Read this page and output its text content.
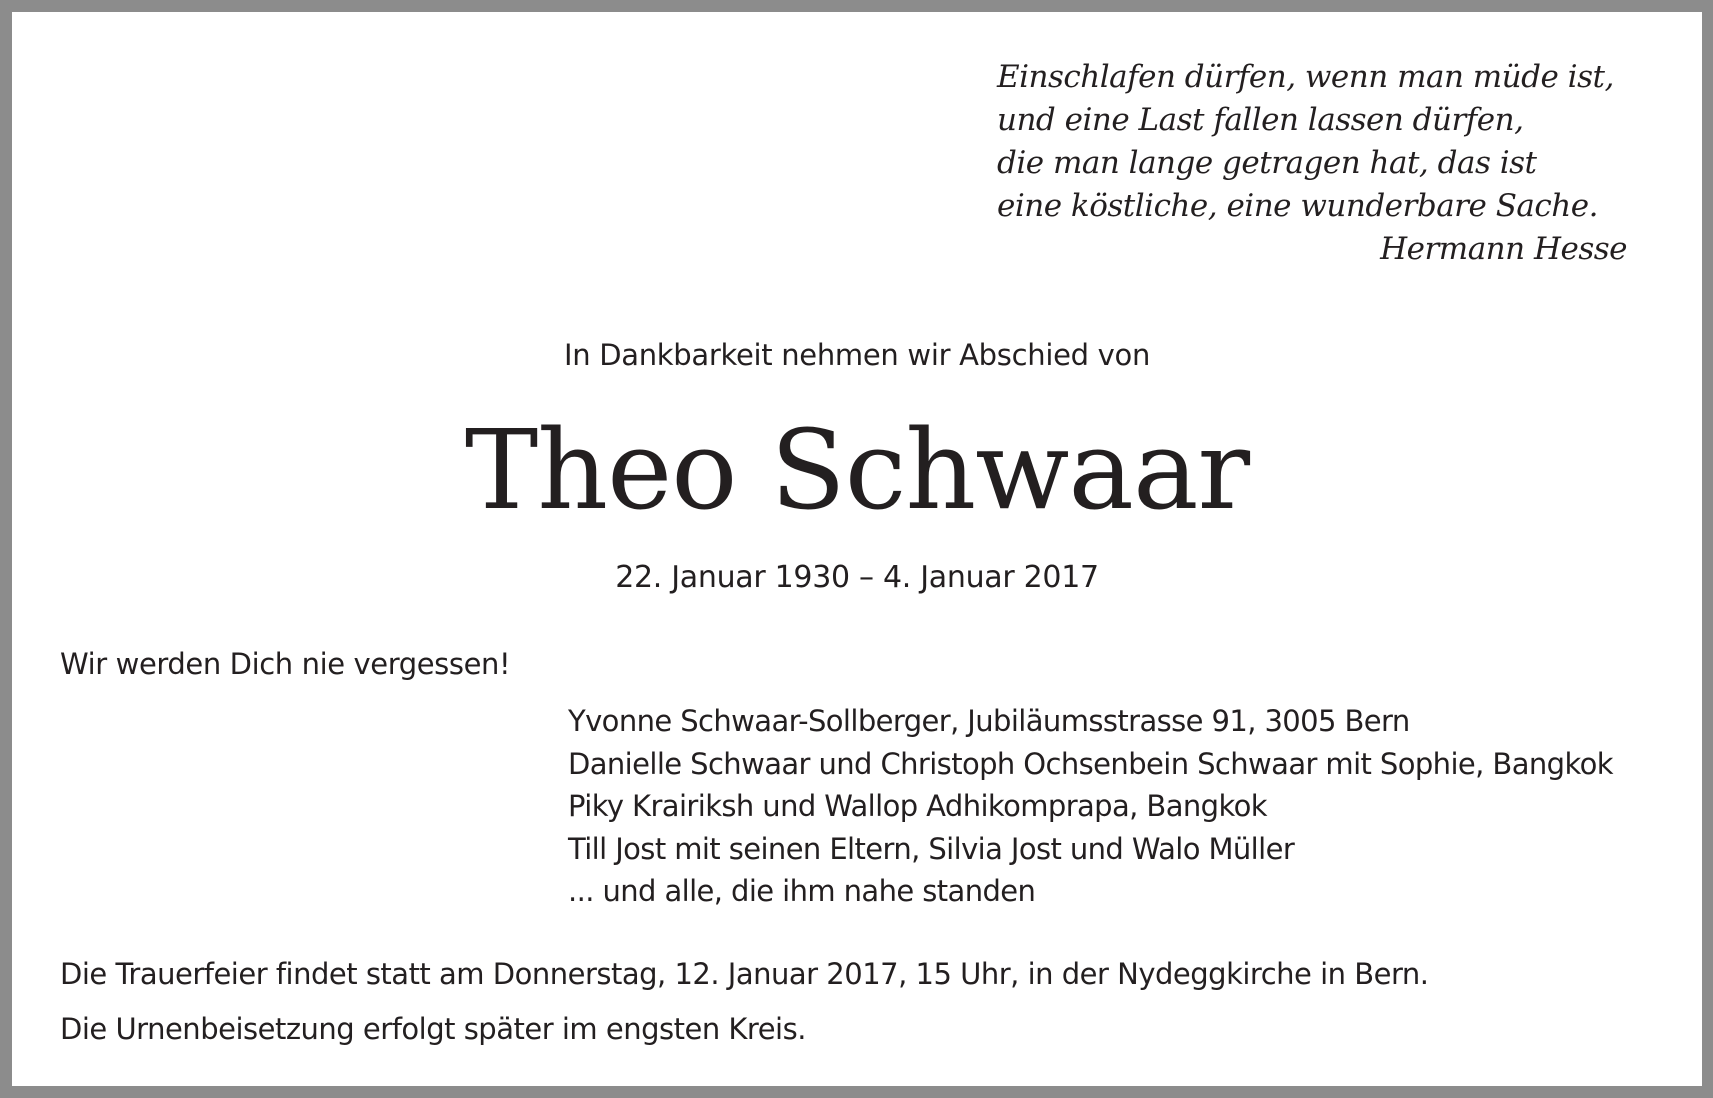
Einschlafen dürfen, wenn man müde ist,
und eine Last fallen lassen dürfen,
die man lange getragen hat, das ist
eine köstliche, eine wunderbare Sache.
Hermann Hesse
In Dankbarkeit nehmen wir Abschied von
Theo Schwaar
22. Januar 1930 – 4. Januar 2017
Wir werden Dich nie vergessen!
Yvonne Schwaar-Sollberger, Jubiläumsstrasse 91, 3005 Bern
Danielle Schwaar und Christoph Ochsenbein Schwaar mit Sophie, Bangkok
Piky Krairiksh und Wallop Adhikomprapa, Bangkok
Till Jost mit seinen Eltern, Silvia Jost und Walo Müller
... und alle, die ihm nahe standen
Die Trauerfeier findet statt am Donnerstag, 12. Januar 2017, 15 Uhr, in der Nydeggkirche in Bern.
Die Urnenbeisetzung erfolgt später im engsten Kreis.
